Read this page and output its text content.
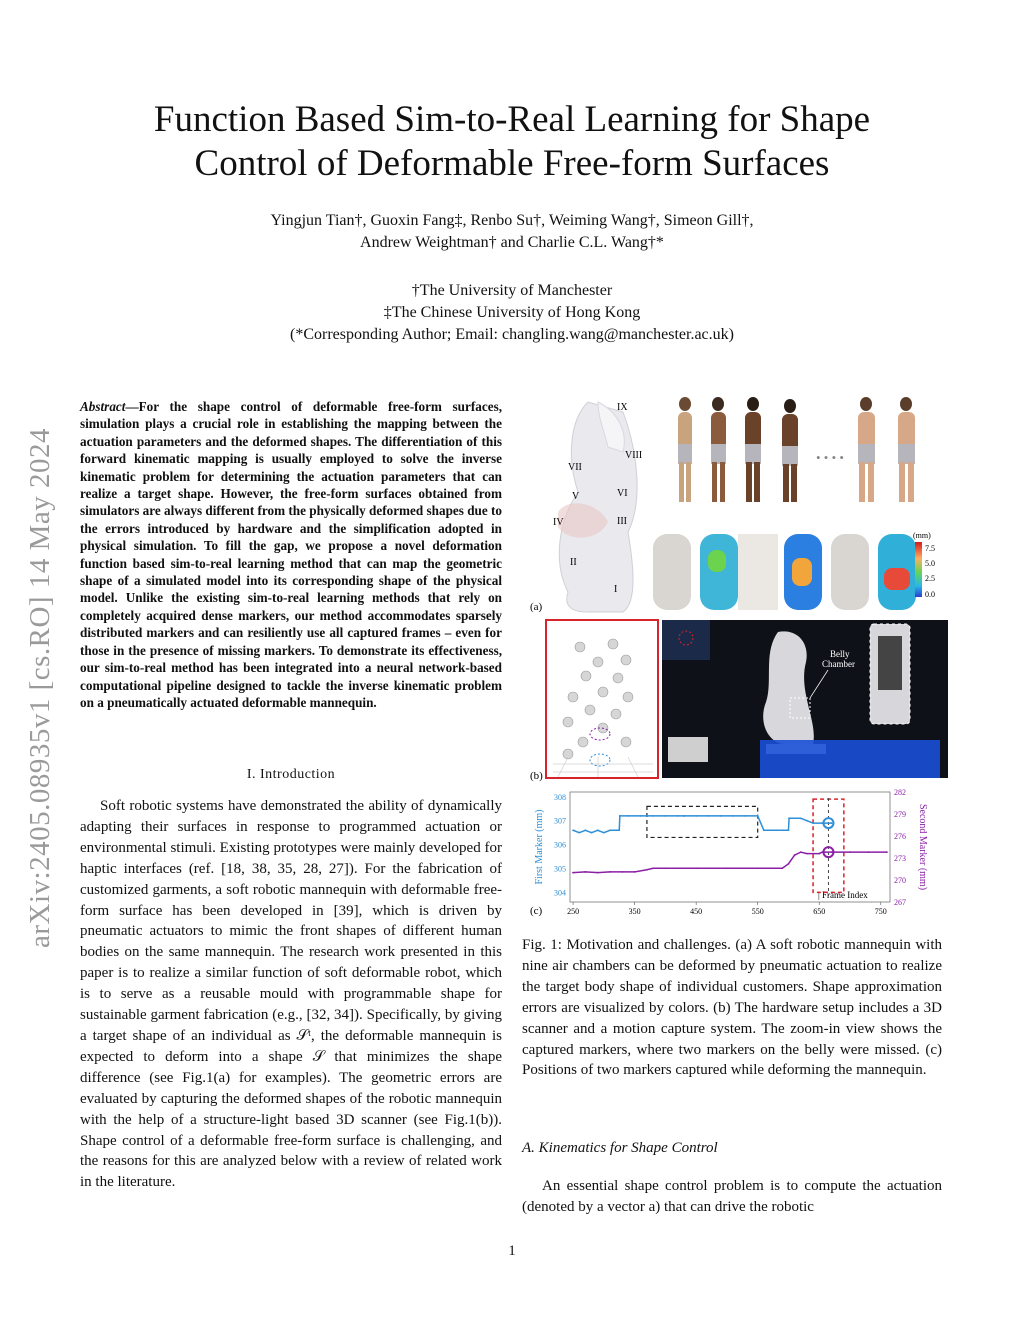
Function Based Sim-to-Real Learning for Shape
Control of Deformable Free-form Surfaces
Yingjun Tian†, Guoxin Fang‡, Renbo Su†, Weiming Wang†, Simeon Gill†,
Andrew Weightman† and Charlie C.L. Wang†*
†The University of Manchester
‡The Chinese University of Hong Kong
(*Corresponding Author; Email: changling.wang@manchester.ac.uk)
arXiv:2405.08935v1 [cs.RO] 14 May 2024
Abstract—For the shape control of deformable free-form surfaces, simulation plays a crucial role in establishing the mapping between the actuation parameters and the deformed shapes. The differentiation of this forward kinematic mapping is usually employed to solve the inverse kinematic problem for determining the actuation parameters that can realize a target shape. However, the free-form surfaces obtained from simulators are always different from the physically deformed shapes due to the errors introduced by hardware and the simplification adopted in physical simulation. To fill the gap, we propose a novel deformation function based sim-to-real learning method that can map the geometric shape of a simulated model into its corresponding shape of the physical model. Unlike the existing sim-to-real learning methods that rely on completely acquired dense markers, our method accommodates sparsely distributed markers and can resiliently use all captured frames – even for those in the presence of missing markers. To demonstrate its effectiveness, our sim-to-real method has been integrated into a neural network-based computational pipeline designed to tackle the inverse kinematic problem on a pneumatically actuated deformable mannequin.
I. Introduction
Soft robotic systems have demonstrated the ability of dynamically adapting their surfaces in response to programmed actuation or environmental stimuli. Existing prototypes were mainly developed for haptic interfaces (ref. [18, 38, 35, 28, 27]). For the fabrication of customized garments, a soft robotic mannequin with deformable free-form surface has been developed in [39], which is driven by pneumatic actuators to mimic the front shapes of different human bodies on the same mannequin. The research work presented in this paper is to realize a similar function of soft deformable robot, which is to serve as a reusable mould with programmable shape for sustainable garment fabrication (e.g., [32, 34]). Specifically, by giving a target shape of an individual as 𝒮ᵗ, the deformable mannequin is expected to deform into a shape 𝒮 that minimizes the shape difference (see Fig.1(a) for examples). The geometric errors are evaluated by capturing the deformed shapes of the robotic mannequin with the help of a structure-light based 3D scanner (see Fig.1(b)). Shape control of a deformable free-form surface is challenging, and the reasons for this are analyzed below with a review of related work in the literature.
IX
VIII
VII
VI
V
IV	III
II
I
(a)
• • • •
(mm)
7.5
5.0
2.5
0.0
Belly
Chamber
(b)
250	350	450	550	650	750
304
305
306
307
308
267
270
273
276
279
282
First Marker (mm)	Second Marker (mm)
| Frame Index
(c)
Fig. 1: Motivation and challenges. (a) A soft robotic mannequin with nine air chambers can be deformed by pneumatic actuation to realize the target body shape of individual customers. Shape approximation errors are visualized by colors. (b) The hardware setup includes a 3D scanner and a motion capture system. The zoom-in view shows the captured markers, where two markers on the belly were missed. (c) Positions of two markers captured while deforming the mannequin.
A. Kinematics for Shape Control
An essential shape control problem is to compute the actuation (denoted by a vector a) that can drive the robotic
1
